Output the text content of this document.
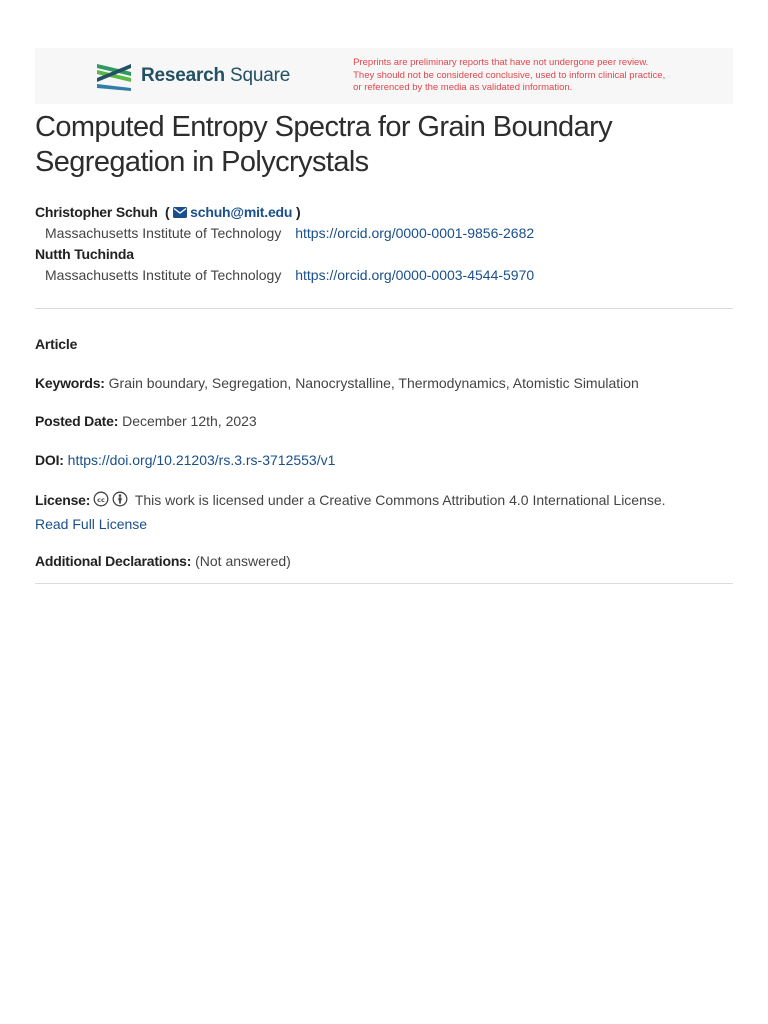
Research Square
Preprints are preliminary reports that have not undergone peer review.
They should not be considered conclusive, used to inform clinical practice,
or referenced by the media as validated information.
Computed Entropy Spectra for Grain Boundary
Segregation in Polycrystals
Christopher Schuh  ( schuh@mit.edu )
Massachusetts Institute of Technology https://orcid.org/0000-0001-9856-2682
Nutth Tuchinda
Massachusetts Institute of Technology https://orcid.org/0000-0003-4544-5970
Article
Keywords: Grain boundary, Segregation, Nanocrystalline, Thermodynamics, Atomistic Simulation
Posted Date: December 12th, 2023
DOI: https://doi.org/10.21203/rs.3.rs-3712553/v1
License: cc This work is licensed under a Creative Commons Attribution 4.0 International License.
Read Full License
Additional Declarations: (Not answered)
